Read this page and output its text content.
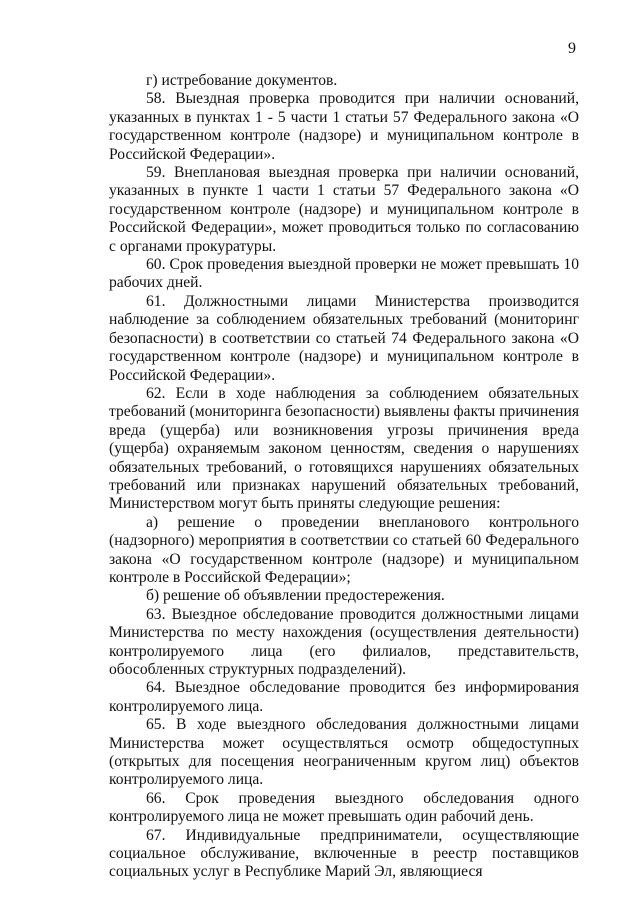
9

г) истребование документов.

58. Выездная проверка проводится при наличии оснований, указанных в пунктах 1 - 5 части 1 статьи 57 Федерального закона «О государственном контроле (надзоре) и муниципальном контроле в Российской Федерации».

59. Внеплановая выездная проверка при наличии оснований, указанных в пункте 1 части 1 статьи 57 Федерального закона «О государственном контроле (надзоре) и муниципальном контроле в Российской Федерации», может проводиться только по согласованию с органами прокуратуры.

60. Срок проведения выездной проверки не может превышать 10 рабочих дней.

61. Должностными лицами Министерства производится наблюдение за соблюдением обязательных требований (мониторинг безопасности) в соответствии со статьей 74 Федерального закона «О государственном контроле (надзоре) и муниципальном контроле в Российской Федерации».

62. Если в ходе наблюдения за соблюдением обязательных требований (мониторинга безопасности) выявлены факты причинения вреда (ущерба) или возникновения угрозы причинения вреда (ущерба) охраняемым законом ценностям, сведения о нарушениях обязательных требований, о готовящихся нарушениях обязательных требований или признаках нарушений обязательных требований, Министерством могут быть приняты следующие решения:

а) решение о проведении внепланового контрольного (надзорного) мероприятия в соответствии со статьей 60 Федерального закона «О государственном контроле (надзоре) и муниципальном контроле в Российской Федерации»;

б) решение об объявлении предостережения.

63. Выездное обследование проводится должностными лицами Министерства по месту нахождения (осуществления деятельности) контролируемого лица (его филиалов, представительств, обособленных структурных подразделений).

64. Выездное обследование проводится без информирования контролируемого лица.

65. В ходе выездного обследования должностными лицами Министерства может осуществляться осмотр общедоступных (открытых для посещения неограниченным кругом лиц) объектов контролируемого лица.

66. Срок проведения выездного обследования одного контролируемого лица не может превышать один рабочий день.

67. Индивидуальные предприниматели, осуществляющие социальное обслуживание, включенные в реестр поставщиков социальных услуг в Республике Марий Эл, являющиеся
